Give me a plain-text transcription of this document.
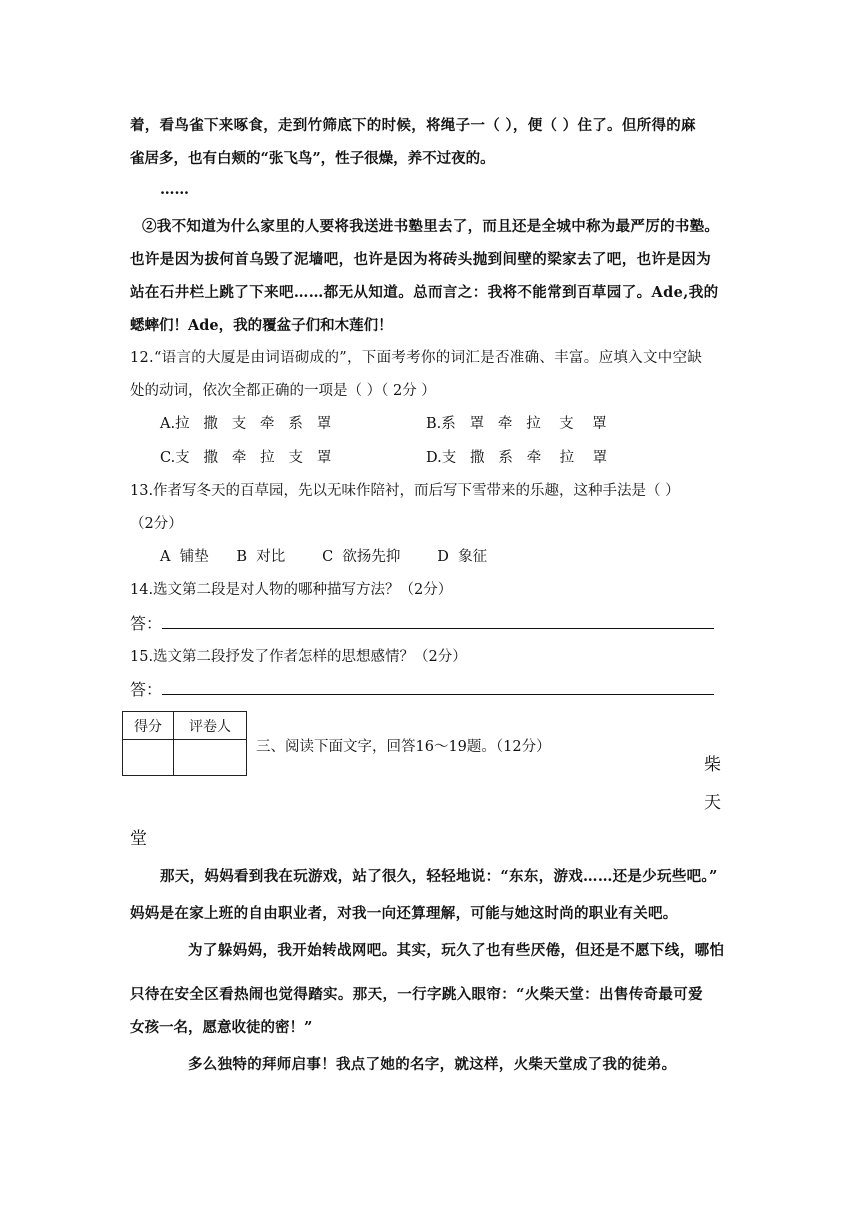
着，看鸟雀下来啄食，走到竹筛底下的时候，将绳子一（ ），便（ ）住了。但所得的麻
雀居多，也有白颊的“张飞鸟”，性子很燥，养不过夜的。
……
②我不知道为什么家里的人要将我送进书塾里去了，而且还是全城中称为最严厉的书塾。
也许是因为拔何首乌毁了泥墙吧，也许是因为将砖头抛到间壁的梁家去了吧，也许是因为
站在石井栏上跳了下来吧……都无从知道。总而言之：我将不能常到百草园了。Ade,我的
蟋蟀们！Ade，我的覆盆子们和木莲们！
12.“语言的大厦是由词语砌成的”，下面考考你的词汇是否准确、丰富。应填入文中空缺
处的动词，依次全都正确的一项是（ ）（ 2分 ）
A.拉   撒   支   牵   系   罩	B.系   罩   牵   拉    支    罩
C.支   撒   牵   拉   支   罩	D.支   撒   系   牵    拉    罩
13.作者写冬天的百草园，先以无味作陪衬，而后写下雪带来的乐趣，这种手法是（ ）
（2分）
A  铺垫      B  对比        C  欲扬先抑        D  象征
14.选文第二段是对人物的哪种描写方法？（2分）
答：
15.选文第二段抒发了作者怎样的思想感情？（2分）
答：
得分	评卷人

三、阅读下面文字，回答16～19题。（12分）
柴
天
堂
那天，妈妈看到我在玩游戏，站了很久，轻轻地说：“东东，游戏……还是少玩些吧。”
妈妈是在家上班的自由职业者，对我一向还算理解，可能与她这时尚的职业有关吧。
为了躲妈妈，我开始转战网吧。其实，玩久了也有些厌倦，但还是不愿下线，哪怕
只待在安全区看热闹也觉得踏实。那天，一行字跳入眼帘：“火柴天堂：出售传奇最可爱
女孩一名，愿意收徒的密！”
多么独特的拜师启事！我点了她的名字，就这样，火柴天堂成了我的徒弟。
